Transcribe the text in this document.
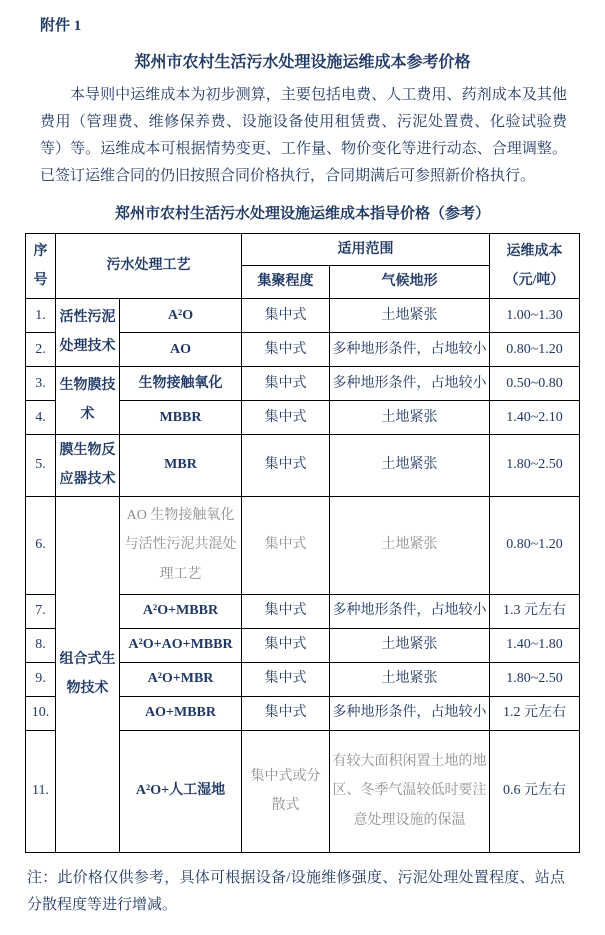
附件 1
郑州市农村生活污水处理设施运维成本参考价格

本导则中运维成本为初步测算，主要包括电费、人工费用、药剂成本及其他费用（管理费、维修保养费、设施设备使用租赁费、污泥处置费、化验试验费等）等。运维成本可根据情势变更、工作量、物价变化等进行动态、合理调整。已签订运维合同的仍旧按照合同价格执行，合同期满后可参照新价格执行。

郑州市农村生活污水处理设施运维成本指导价格（参考）
序号	污水处理工艺		适用范围		运维成本
（元/吨）

			集聚程度	气候地形	
1.	活性污泥处理技术	A²O	集中式	土地紧张	1.00~1.30
2.		AO	集中式	多种地形条件，占地较小	0.80~1.20
3.	生物膜技术	生物接触氧化	集中式	多种地形条件，占地较小	0.50~0.80
4.		MBBR	集中式	土地紧张	1.40~2.10
5.	膜生物反应器技术	MBR	集中式	土地紧张	1.80~2.50
6.	组合式生物技术	AO 生物接触氧化与活性污泥共混处理工艺	集中式	土地紧张	0.80~1.20
7.		A²O+MBBR	集中式	多种地形条件，占地较小	1.3 元左右
8.		A²O+AO+MBBR	集中式	土地紧张	1.40~1.80
9.		A²O+MBR	集中式	土地紧张	1.80~2.50
10.		AO+MBBR	集中式	多种地形条件，占地较小	1.2 元左右
11.		A²O+人工湿地	集中式或分散式	有较大面积闲置土地的地区、冬季气温较低时要注意处理设施的保温	0.6 元左右

注：此价格仅供参考，具体可根据设备/设施维修强度、污泥处理处置程度、站点分散程度等进行增减。
